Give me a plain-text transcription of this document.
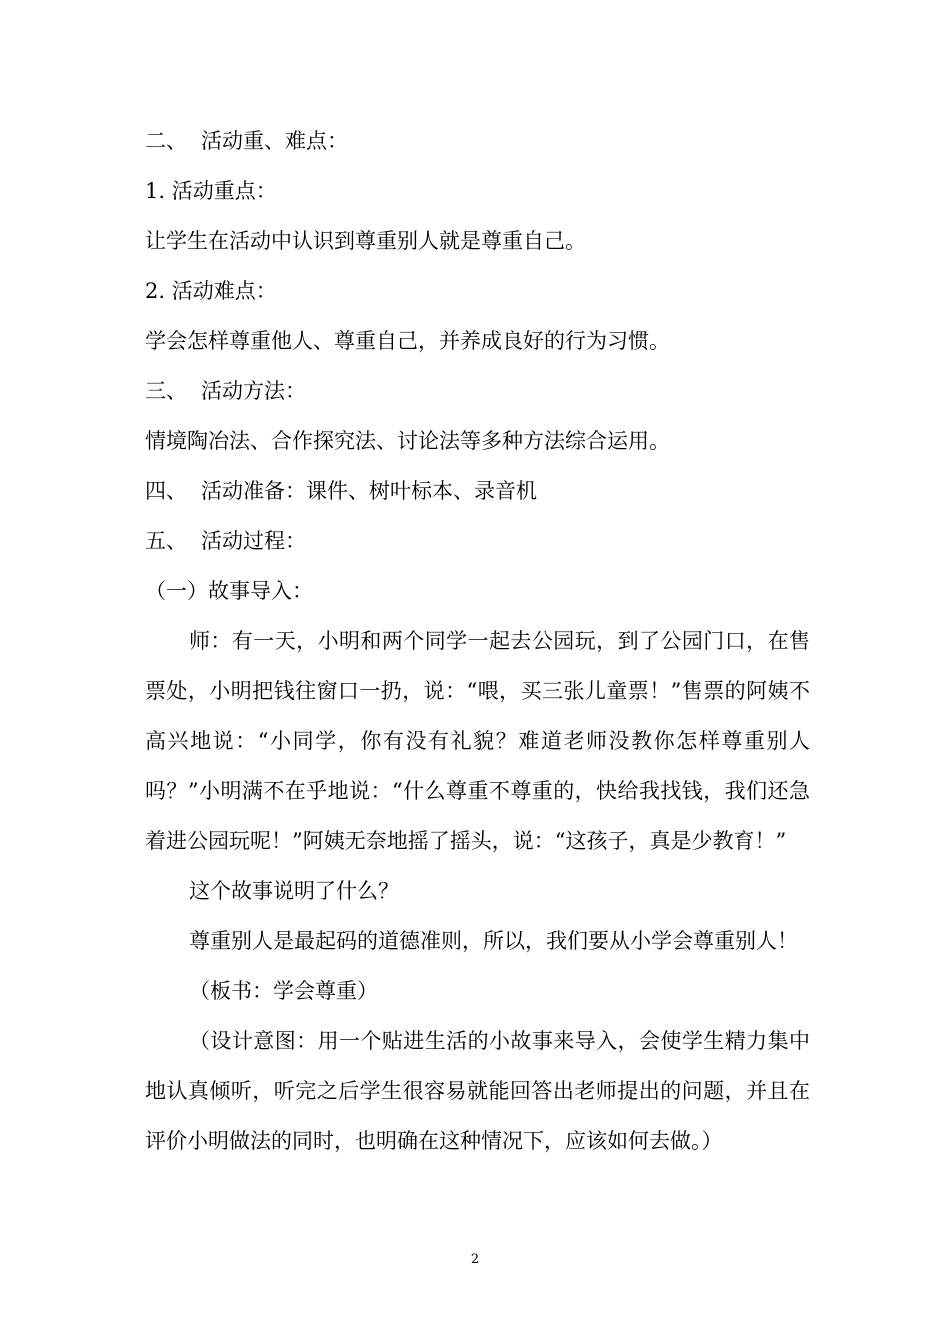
二、 活动重、难点：
1. 活动重点：
让学生在活动中认识到尊重别人就是尊重自己。
2. 活动难点：
学会怎样尊重他人、尊重自己，并养成良好的行为习惯。
三、 活动方法：
情境陶冶法、合作探究法、讨论法等多种方法综合运用。
四、 活动准备：课件、树叶标本、录音机
五、 活动过程：
（一）故事导入：

师：有一天，小明和两个同学一起去公园玩，到了公园门口，在售票处，小明把钱往窗口一扔，说：“喂，买三张儿童票！”售票的阿姨不高兴地说：“小同学，你有没有礼貌？难道老师没教你怎样尊重别人吗？”小明满不在乎地说：“什么尊重不尊重的，快给我找钱，我们还急着进公园玩呢！”阿姨无奈地摇了摇头，说：“这孩子，真是少教育！”

这个故事说明了什么？
尊重别人是最起码的道德准则，所以，我们要从小学会尊重别人！
（板书：学会尊重）

（设计意图：用一个贴进生活的小故事来导入，会使学生精力集中地认真倾听，听完之后学生很容易就能回答出老师提出的问题，并且在评价小明做法的同时，也明确在这种情况下，应该如何去做。）

2
